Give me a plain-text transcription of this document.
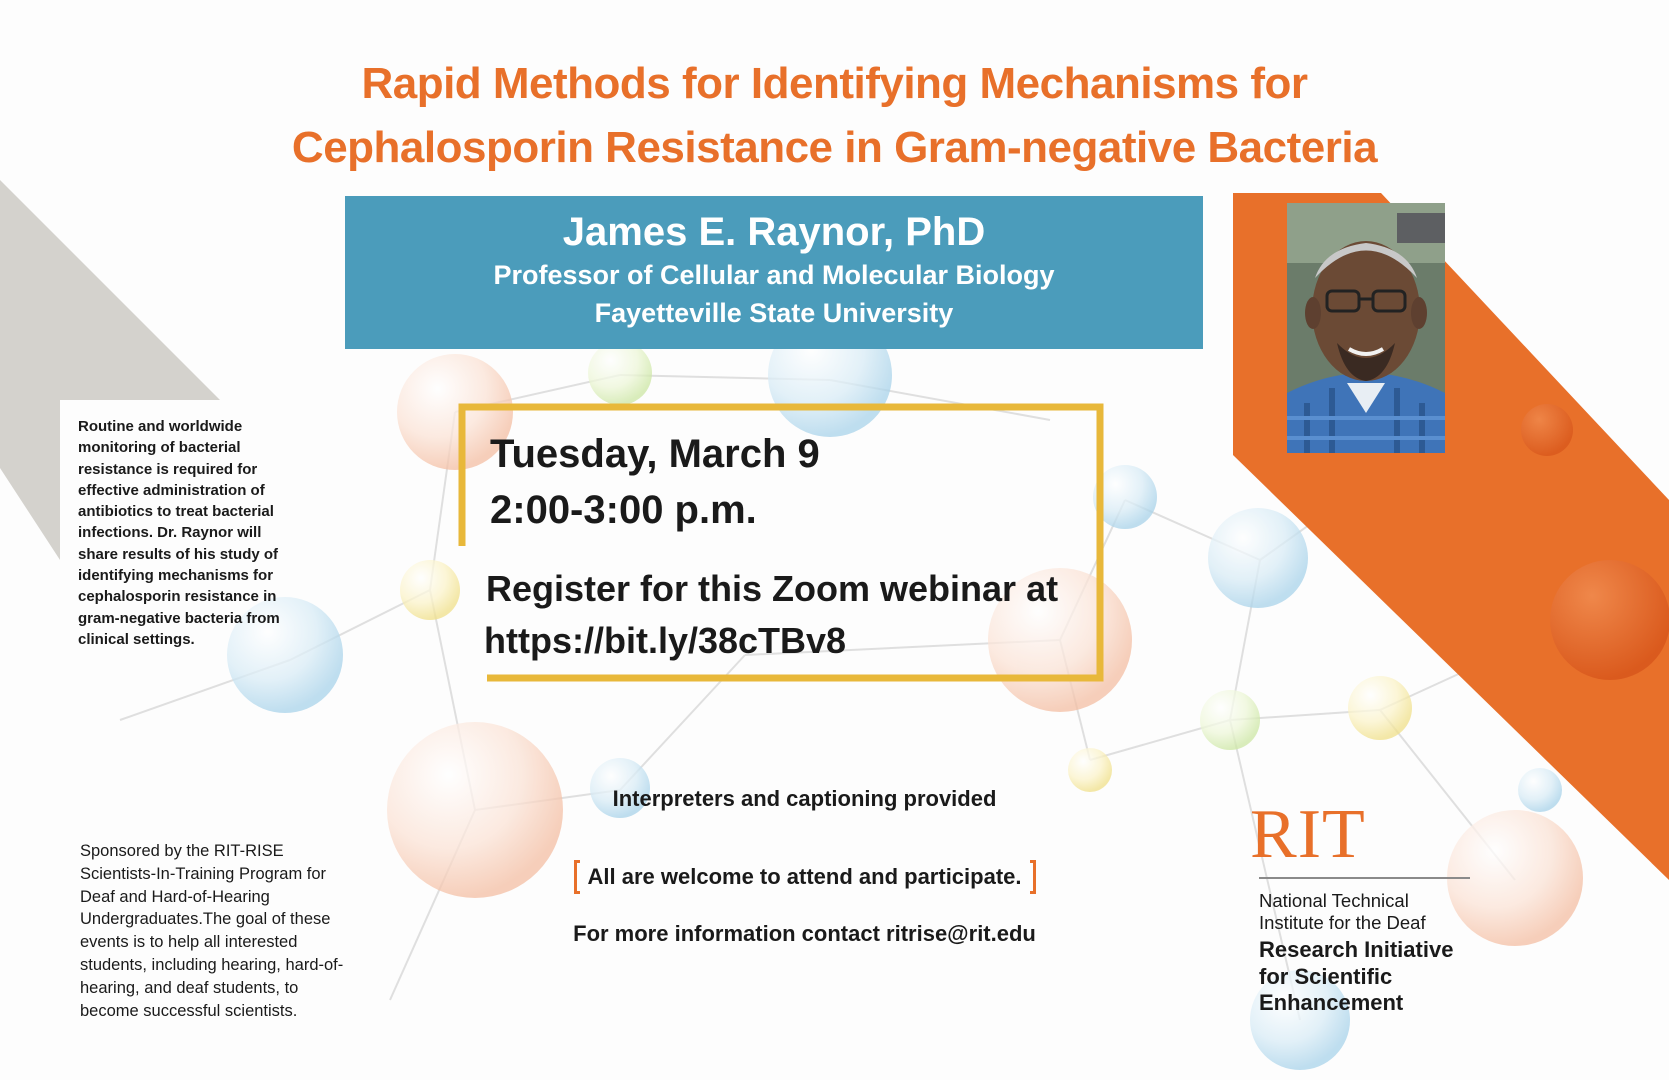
Rapid Methods for Identifying Mechanisms for
Cephalosporin Resistance in Gram-negative Bacteria
James E. Raynor, PhD
Professor of Cellular and Molecular Biology
Fayetteville State University
Tuesday, March 9
2:00-3:00 p.m.
Register for this Zoom webinar at
https://bit.ly/38cTBv8
Routine and worldwide monitoring of bacterial resistance is required for effective administration of antibiotics to treat bacterial infections. Dr. Raynor will share results of his study of identifying mechanisms for cephalosporin resistance in gram-negative bacteria from clinical settings.
Sponsored by the RIT-RISE Scientists-In-Training Program for Deaf and Hard-of-Hearing Undergraduates.The goal of these events is to help all interested students, including hearing, hard-of-hearing, and deaf students, to become successful scientists.
Interpreters and captioning provided
All are welcome to attend and participate.
For more information contact ritrise@rit.edu
RIT
National Technical
Institute for the Deaf
Research Initiative
for Scientific
Enhancement
